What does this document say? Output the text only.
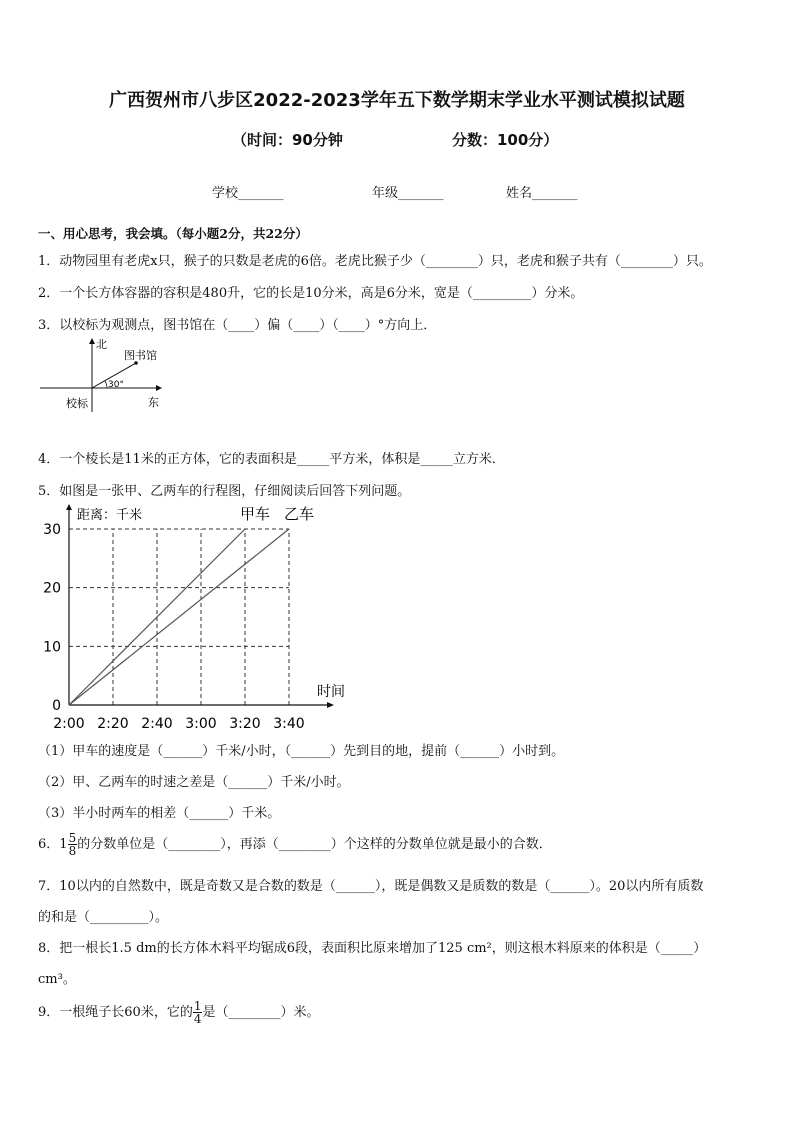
广西贺州市八步区2022-2023学年五下数学期末学业水平测试模拟试题
（时间：90分钟	分数：100分）
学校_______	年级_______	姓名_______
一、用心思考，我会填。（每小题2分，共22分）
1．动物园里有老虎x只，猴子的只数是老虎的6倍。老虎比猴子少（________）只，老虎和猴子共有（________）只。
2．一个长方体容器的容积是480升，它的长是10分米，高是6分米，宽是（_________）分米。
3．以校标为观测点，图书馆在（____）偏（____）（____）°方向上．
北
东
校标
图书馆
30°
4．一个棱长是11米的正方体，它的表面积是_____平方米，体积是_____立方米．
5．如图是一张甲、乙两车的行程图，仔细阅读后回答下列问题。
0
10
20
30
2:00 2:20 2:40 3:00 3:20 3:40
距离：千米
时间
甲车 乙车
（1）甲车的速度是（______）千米/小时，（______）先到目的地，提前（______）小时到。
（2）甲、乙两车的时速之差是（______）千米/小时。
（3）半小时两车的相差（______）千米。
6．$1 \frac{5}{8}$ 的分数单位是（________），再添（________）个这样的分数单位就是最小的合数．
7．10以内的自然数中，既是奇数又是合数的数是（______），既是偶数又是质数的数是（______）。20以内所有质数
的和是（_________）。
8．把一根长1.5 dm的长方体木料平均锯成6段，表面积比原来增加了125 cm²，则这根木料原来的体积是（_____）
cm³。
9．一根绳子长60米，它的 $\frac{1}{4}$ 是（________）米。
